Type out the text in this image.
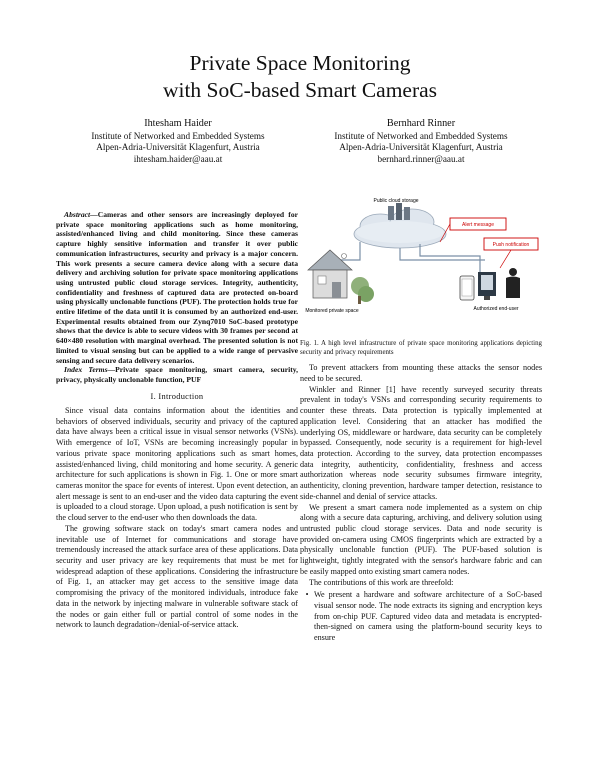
Private Space Monitoring
with SoC-based Smart Cameras
Ihtesham Haider
Institute of Networked and Embedded Systems
Alpen-Adria-Universität Klagenfurt, Austria
ihtesham.haider@aau.at
Bernhard Rinner
Institute of Networked and Embedded Systems
Alpen-Adria-Universität Klagenfurt, Austria
bernhard.rinner@aau.at

Abstract—Cameras and other sensors are increasingly deployed for private space monitoring applications such as home monitoring, assisted/enhanced living and child monitoring. Since these cameras capture highly sensitive information and transfer it over public communication infrastructures, security and privacy is a major concern. This work presents a secure camera device along with a secure data delivery and archiving solution for private space monitoring applications using untrusted public cloud storage services. Integrity, authenticity, confidentiality and freshness of captured data are protected on-board using physically unclonable functions (PUF). The protection holds true for entire lifetime of the data until it is consumed by an authorized end-user. Experimental results obtained from our Zynq7010 SoC-based prototype shows that the device is able to secure videos with 30 frames per second at 640×480 resolution with marginal overhead. The presented solution is not limited to visual sensing but can be applied to a wide range of pervasive sensing and secure data delivery scenarios.

Index Terms—Private space monitoring, smart camera, security, privacy, physically unclonable function, PUF

I. Introduction

Since visual data contains information about the identities and behaviors of observed individuals, security and privacy of the captured data have always been a critical issue in visual sensor networks (VSNs). With emergence of IoT, VSNs are becoming increasingly popular in various private space monitoring applications such as smart homes, assisted/enhanced living, child monitoring and home security. A generic architecture for such applications is shown in Fig. 1. One or more smart cameras monitor the space for events of interest. Upon event detection, an alert message is sent to an end-user and the video data capturing the event is uploaded to a cloud storage. Upon upload, a push notification is sent by the cloud server to the end-user who then downloads the data.

The growing software stack on today's smart camera nodes and inevitable use of Internet for communications and storage have tremendously increased the attack surface area of these applications. Data security and user privacy are key requirements that must be met for widespread adaption of these applications. Considering the infrastructure of Fig. 1, an attacker may get access to the sensitive image data compromising the privacy of the monitored individuals, introduce fake data in the network by injecting malware in vulnerable software stack of the nodes or gain either full or partial control of some nodes in the network to launch degradation-/denial-of-service attack.

Public cloud storage
Monitored private space	Authorized end-user
Alert message
Push notification
Fig. 1. A high level infrastructure of private space monitoring applications depicting security and privacy requirements

To prevent attackers from mounting these attacks the sensor nodes need to be secured.

Winkler and Rinner [1] have recently surveyed security threats prevalent in today's VSNs and corresponding security requirements to counter these threats. Data protection is typically implemented at application level. Considering that an attacker has modified the underlying OS, middleware or hardware, data security can be completely bypassed. Consequently, node security is a requirement for high-level data protection. According to the survey, data protection encompasses data integrity, authenticity, confidentiality, freshness and access authorization whereas node security subsumes firmware integrity, authenticity, cloning prevention, hardware tamper detection, resistance to side-channel and denial of service attacks.

We present a smart camera node implemented as a system on chip along with a secure data capturing, archiving, and delivery solution using untrusted public cloud storage services. Data and node security is provided on-camera using CMOS fingerprints which are extracted by a physically unclonable function (PUF). The PUF-based solution is lightweight, tightly integrated with the sensor's hardware fabric and can be easily mapped onto existing smart camera nodes.

The contributions of this work are threefold:

• We present a hardware and software architecture of a SoC-based visual sensor node. The node extracts its signing and encryption keys from on-chip PUF. Captured video data and metadata is encrypted-then-signed on camera using the platform-bound security keys to ensure
